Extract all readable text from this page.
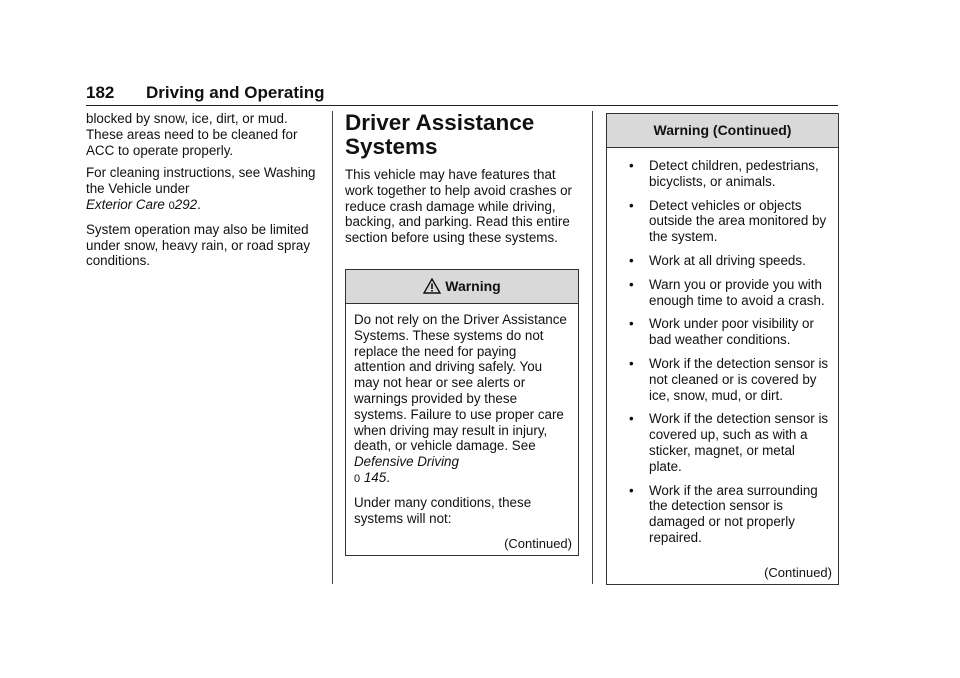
182 Driving and Operating

blocked by snow, ice, dirt, or mud. These areas need to be cleaned for ACC to operate properly.

For cleaning instructions, see Washing the Vehicle under
Exterior Care 0292.

System operation may also be limited under snow, heavy rain, or road spray conditions.

Driver Assistance
Systems

This vehicle may have features that work together to help avoid crashes or reduce crash damage while driving, backing, and parking. Read this entire section before using these systems.

Warning

Do not rely on the Driver Assistance Systems. These systems do not replace the need for paying attention and driving safely. You may not hear or see alerts or warnings provided by these systems. Failure to use proper care when driving may result in injury, death, or vehicle damage. See Defensive Driving
0 145.

Under many conditions, these systems will not:

(Continued)
Warning (Continued)
• Detect children, pedestrians, bicyclists, or animals.
• Detect vehicles or objects outside the area monitored by the system.
• Work at all driving speeds.
• Warn you or provide you with enough time to avoid a crash.
• Work under poor visibility or bad weather conditions.
• Work if the detection sensor is not cleaned or is covered by ice, snow, mud, or dirt.
• Work if the detection sensor is covered up, such as with a sticker, magnet, or metal plate.
• Work if the area surrounding the detection sensor is damaged or not properly repaired.
(Continued)
